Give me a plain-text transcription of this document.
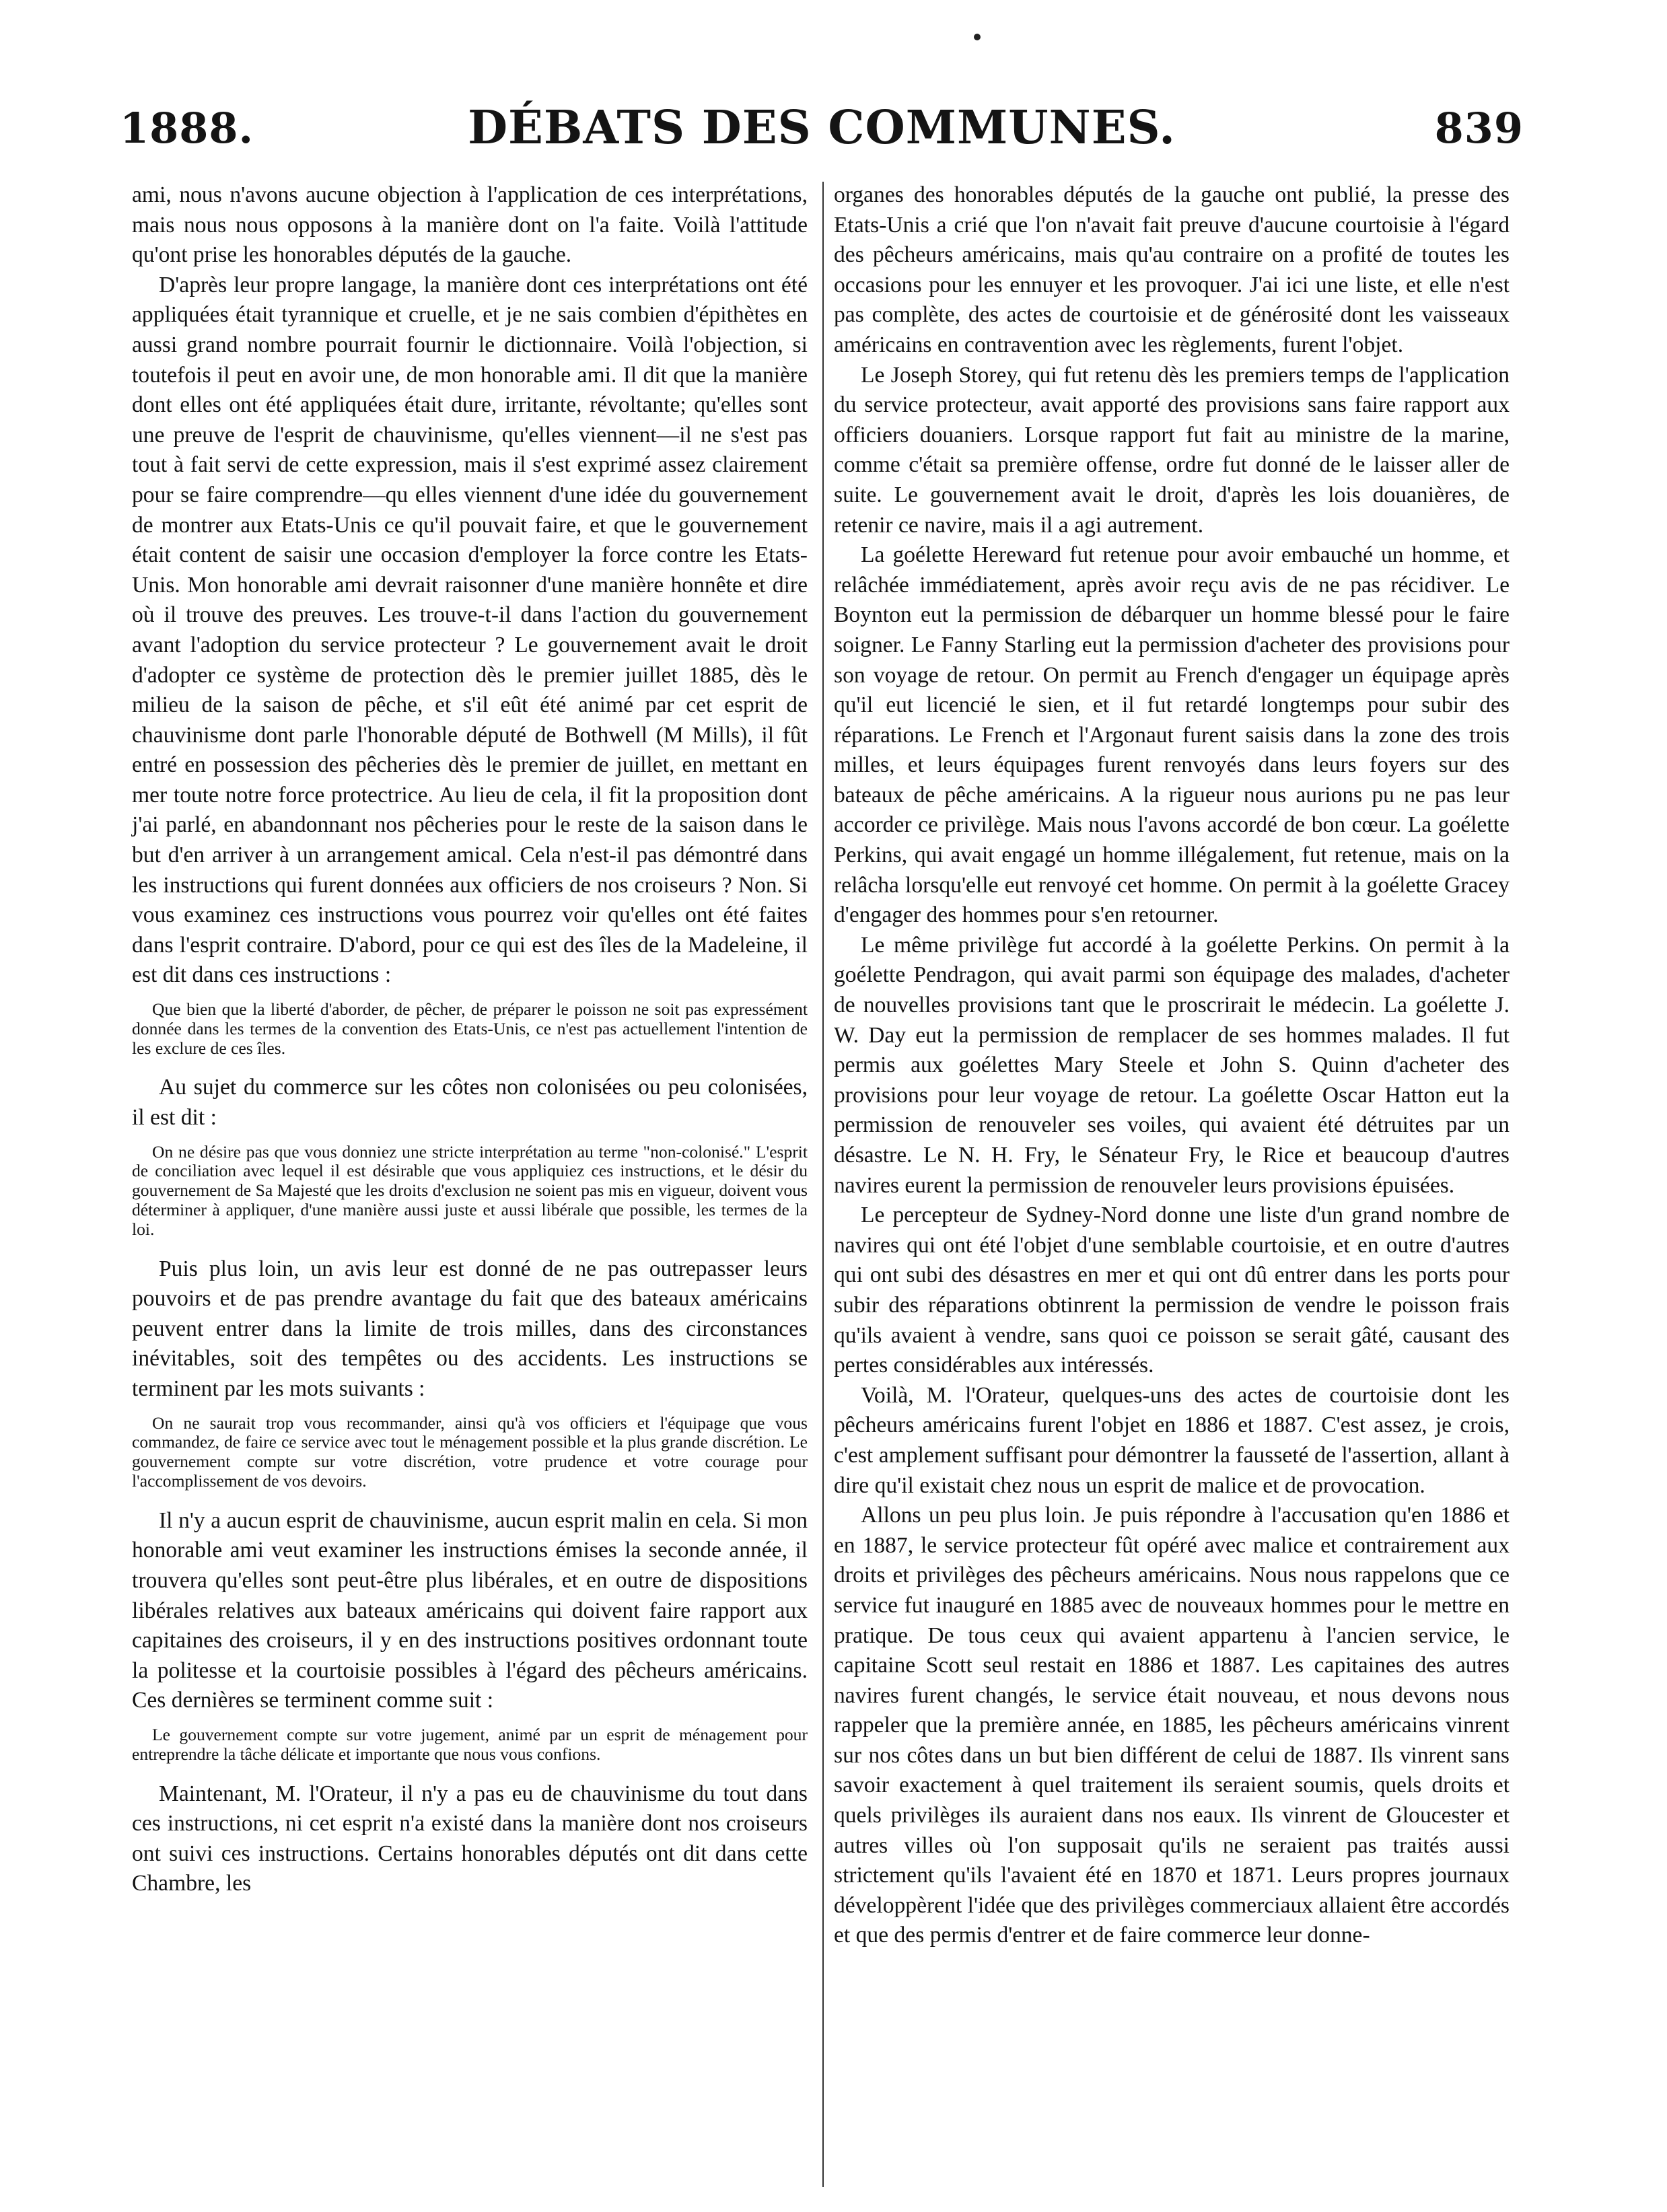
1888.	DÉBATS DES COMMUNES.	839

ami, nous n'avons aucune objection à l'application de ces interprétations, mais nous nous opposons à la manière dont on l'a faite. Voilà l'attitude qu'ont prise les honorables députés de la gauche.

D'après leur propre langage, la manière dont ces interprétations ont été appliquées était tyrannique et cruelle, et je ne sais combien d'épithètes en aussi grand nombre pourrait fournir le dictionnaire. Voilà l'objection, si toutefois il peut en avoir une, de mon honorable ami. Il dit que la manière dont elles ont été appliquées était dure, irritante, révoltante; qu'elles sont une preuve de l'esprit de chauvinisme, qu'elles viennent—il ne s'est pas tout à fait servi de cette expression, mais il s'est exprimé assez clairement pour se faire comprendre—qu elles viennent d'une idée du gouvernement de montrer aux Etats-Unis ce qu'il pouvait faire, et que le gouvernement était content de saisir une occasion d'employer la force contre les Etats-Unis. Mon honorable ami devrait raisonner d'une manière honnête et dire où il trouve des preuves. Les trouve-t-il dans l'action du gouvernement avant l'adoption du service protecteur ? Le gouvernement avait le droit d'adopter ce système de protection dès le premier juillet 1885, dès le milieu de la saison de pêche, et s'il eût été animé par cet esprit de chauvinisme dont parle l'honorable député de Bothwell (M Mills), il fût entré en possession des pêcheries dès le premier de juillet, en mettant en mer toute notre force protectrice. Au lieu de cela, il fit la proposition dont j'ai parlé, en abandonnant nos pêcheries pour le reste de la saison dans le but d'en arriver à un arrangement amical. Cela n'est-il pas démontré dans les instructions qui furent données aux officiers de nos croiseurs ? Non. Si vous examinez ces instructions vous pourrez voir qu'elles ont été faites dans l'esprit contraire. D'abord, pour ce qui est des îles de la Madeleine, il est dit dans ces instructions :

Que bien que la liberté d'aborder, de pêcher, de préparer le poisson ne soit pas expressément donnée dans les termes de la convention des Etats-Unis, ce n'est pas actuellement l'intention de les exclure de ces îles.

Au sujet du commerce sur les côtes non colonisées ou peu colonisées, il est dit :

On ne désire pas que vous donniez une stricte interprétation au terme "non-colonisé." L'esprit de conciliation avec lequel il est désirable que vous appliquiez ces instructions, et le désir du gouvernement de Sa Majesté que les droits d'exclusion ne soient pas mis en vigueur, doivent vous déterminer à appliquer, d'une manière aussi juste et aussi libérale que possible, les termes de la loi.

Puis plus loin, un avis leur est donné de ne pas outrepasser leurs pouvoirs et de pas prendre avantage du fait que des bateaux américains peuvent entrer dans la limite de trois milles, dans des circonstances inévitables, soit des tempêtes ou des accidents. Les instructions se terminent par les mots suivants :

On ne saurait trop vous recommander, ainsi qu'à vos officiers et l'équipage que vous commandez, de faire ce service avec tout le ménagement possible et la plus grande discrétion. Le gouvernement compte sur votre discrétion, votre prudence et votre courage pour l'accomplissement de vos devoirs.

Il n'y a aucun esprit de chauvinisme, aucun esprit malin en cela. Si mon honorable ami veut examiner les instructions émises la seconde année, il trouvera qu'elles sont peut-être plus libérales, et en outre de dispositions libérales relatives aux bateaux américains qui doivent faire rapport aux capitaines des croiseurs, il y en des instructions positives ordonnant toute la politesse et la courtoisie possibles à l'égard des pêcheurs américains. Ces dernières se terminent comme suit :

Le gouvernement compte sur votre jugement, animé par un esprit de ménagement pour entreprendre la tâche délicate et importante que nous vous confions.

Maintenant, M. l'Orateur, il n'y a pas eu de chauvinisme du tout dans ces instructions, ni cet esprit n'a existé dans la manière dont nos croiseurs ont suivi ces instructions. Certains honorables députés ont dit dans cette Chambre, les

organes des honorables députés de la gauche ont publié, la presse des Etats-Unis a crié que l'on n'avait fait preuve d'aucune courtoisie à l'égard des pêcheurs américains, mais qu'au contraire on a profité de toutes les occasions pour les ennuyer et les provoquer. J'ai ici une liste, et elle n'est pas complète, des actes de courtoisie et de générosité dont les vaisseaux américains en contravention avec les règlements, furent l'objet.

Le Joseph Storey, qui fut retenu dès les premiers temps de l'application du service protecteur, avait apporté des provisions sans faire rapport aux officiers douaniers. Lorsque rapport fut fait au ministre de la marine, comme c'était sa première offense, ordre fut donné de le laisser aller de suite. Le gouvernement avait le droit, d'après les lois douanières, de retenir ce navire, mais il a agi autrement.

La goélette Hereward fut retenue pour avoir embauché un homme, et relâchée immédiatement, après avoir reçu avis de ne pas récidiver. Le Boynton eut la permission de débarquer un homme blessé pour le faire soigner. Le Fanny Starling eut la permission d'acheter des provisions pour son voyage de retour. On permit au French d'engager un équipage après qu'il eut licencié le sien, et il fut retardé longtemps pour subir des réparations. Le French et l'Argonaut furent saisis dans la zone des trois milles, et leurs équipages furent renvoyés dans leurs foyers sur des bateaux de pêche américains. A la rigueur nous aurions pu ne pas leur accorder ce privilège. Mais nous l'avons accordé de bon cœur. La goélette Perkins, qui avait engagé un homme illégalement, fut retenue, mais on la relâcha lorsqu'elle eut renvoyé cet homme. On permit à la goélette Gracey d'engager des hommes pour s'en retourner.

Le même privilège fut accordé à la goélette Perkins. On permit à la goélette Pendragon, qui avait parmi son équipage des malades, d'acheter de nouvelles provisions tant que le proscrirait le médecin. La goélette J. W. Day eut la permission de remplacer de ses hommes malades. Il fut permis aux goélettes Mary Steele et John S. Quinn d'acheter des provisions pour leur voyage de retour. La goélette Oscar Hatton eut la permission de renouveler ses voiles, qui avaient été détruites par un désastre. Le N. H. Fry, le Sénateur Fry, le Rice et beaucoup d'autres navires eurent la permission de renouveler leurs provisions épuisées.

Le percepteur de Sydney-Nord donne une liste d'un grand nombre de navires qui ont été l'objet d'une semblable courtoisie, et en outre d'autres qui ont subi des désastres en mer et qui ont dû entrer dans les ports pour subir des réparations obtinrent la permission de vendre le poisson frais qu'ils avaient à vendre, sans quoi ce poisson se serait gâté, causant des pertes considérables aux intéressés.

Voilà, M. l'Orateur, quelques-uns des actes de courtoisie dont les pêcheurs américains furent l'objet en 1886 et 1887. C'est assez, je crois, c'est amplement suffisant pour démontrer la fausseté de l'assertion, allant à dire qu'il existait chez nous un esprit de malice et de provocation.

Allons un peu plus loin. Je puis répondre à l'accusation qu'en 1886 et en 1887, le service protecteur fût opéré avec malice et contrairement aux droits et privilèges des pêcheurs américains. Nous nous rappelons que ce service fut inauguré en 1885 avec de nouveaux hommes pour le mettre en pratique. De tous ceux qui avaient appartenu à l'ancien service, le capitaine Scott seul restait en 1886 et 1887. Les capitaines des autres navires furent changés, le service était nouveau, et nous devons nous rappeler que la première année, en 1885, les pêcheurs américains vinrent sur nos côtes dans un but bien différent de celui de 1887. Ils vinrent sans savoir exactement à quel traitement ils seraient soumis, quels droits et quels privilèges ils auraient dans nos eaux. Ils vinrent de Gloucester et autres villes où l'on supposait qu'ils ne seraient pas traités aussi strictement qu'ils l'avaient été en 1870 et 1871. Leurs propres journaux développèrent l'idée que des privilèges commerciaux allaient être accordés et que des permis d'entrer et de faire commerce leur donne-
